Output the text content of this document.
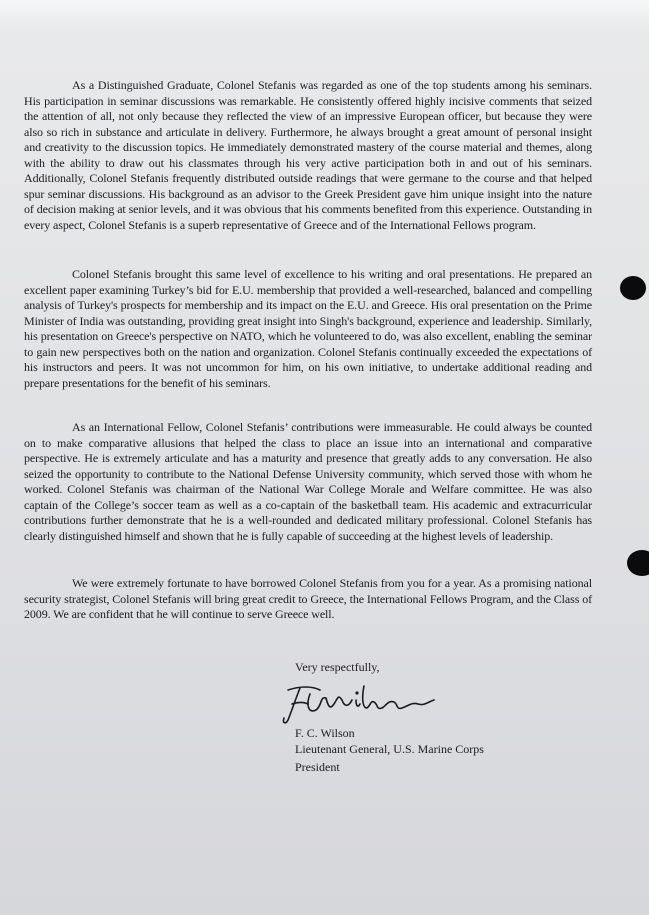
As a Distinguished Graduate, Colonel Stefanis was regarded as one of the top students among his seminars. His participation in seminar discussions was remarkable. He consistently offered highly incisive comments that seized the attention of all, not only because they reflected the view of an impressive European officer, but because they were also so rich in substance and articulate in delivery. Furthermore, he always brought a great amount of personal insight and creativity to the discussion topics. He immediately demonstrated mastery of the course material and themes, along with the ability to draw out his classmates through his very active participation both in and out of his seminars. Additionally, Colonel Stefanis frequently distributed outside readings that were germane to the course and that helped spur seminar discussions. His background as an advisor to the Greek President gave him unique insight into the nature of decision making at senior levels, and it was obvious that his comments benefited from this experience. Outstanding in every aspect, Colonel Stefanis is a superb representative of Greece and of the International Fellows program.

Colonel Stefanis brought this same level of excellence to his writing and oral presentations. He prepared an excellent paper examining Turkey’s bid for E.U. membership that provided a well-researched, balanced and compelling analysis of Turkey's prospects for membership and its impact on the E.U. and Greece. His oral presentation on the Prime Minister of India was outstanding, providing great insight into Singh's background, experience and leadership. Similarly, his presentation on Greece's perspective on NATO, which he volunteered to do, was also excellent, enabling the seminar to gain new perspectives both on the nation and organization. Colonel Stefanis continually exceeded the expectations of his instructors and peers. It was not uncommon for him, on his own initiative, to undertake additional reading and prepare presentations for the benefit of his seminars.

As an International Fellow, Colonel Stefanis’ contributions were immeasurable. He could always be counted on to make comparative allusions that helped the class to place an issue into an international and comparative perspective. He is extremely articulate and has a maturity and presence that greatly adds to any conversation. He also seized the opportunity to contribute to the National Defense University community, which served those with whom he worked. Colonel Stefanis was chairman of the National War College Morale and Welfare committee. He was also captain of the College’s soccer team as well as a co-captain of the basketball team. His academic and extracurricular contributions further demonstrate that he is a well-rounded and dedicated military professional. Colonel Stefanis has clearly distinguished himself and shown that he is fully capable of succeeding at the highest levels of leadership.

We were extremely fortunate to have borrowed Colonel Stefanis from you for a year. As a promising national security strategist, Colonel Stefanis will bring great credit to Greece, the International Fellows Program, and the Class of 2009. We are confident that he will continue to serve Greece well.

Very respectfully,
F. C. Wilson
Lieutenant General, U.S. Marine Corps
President
